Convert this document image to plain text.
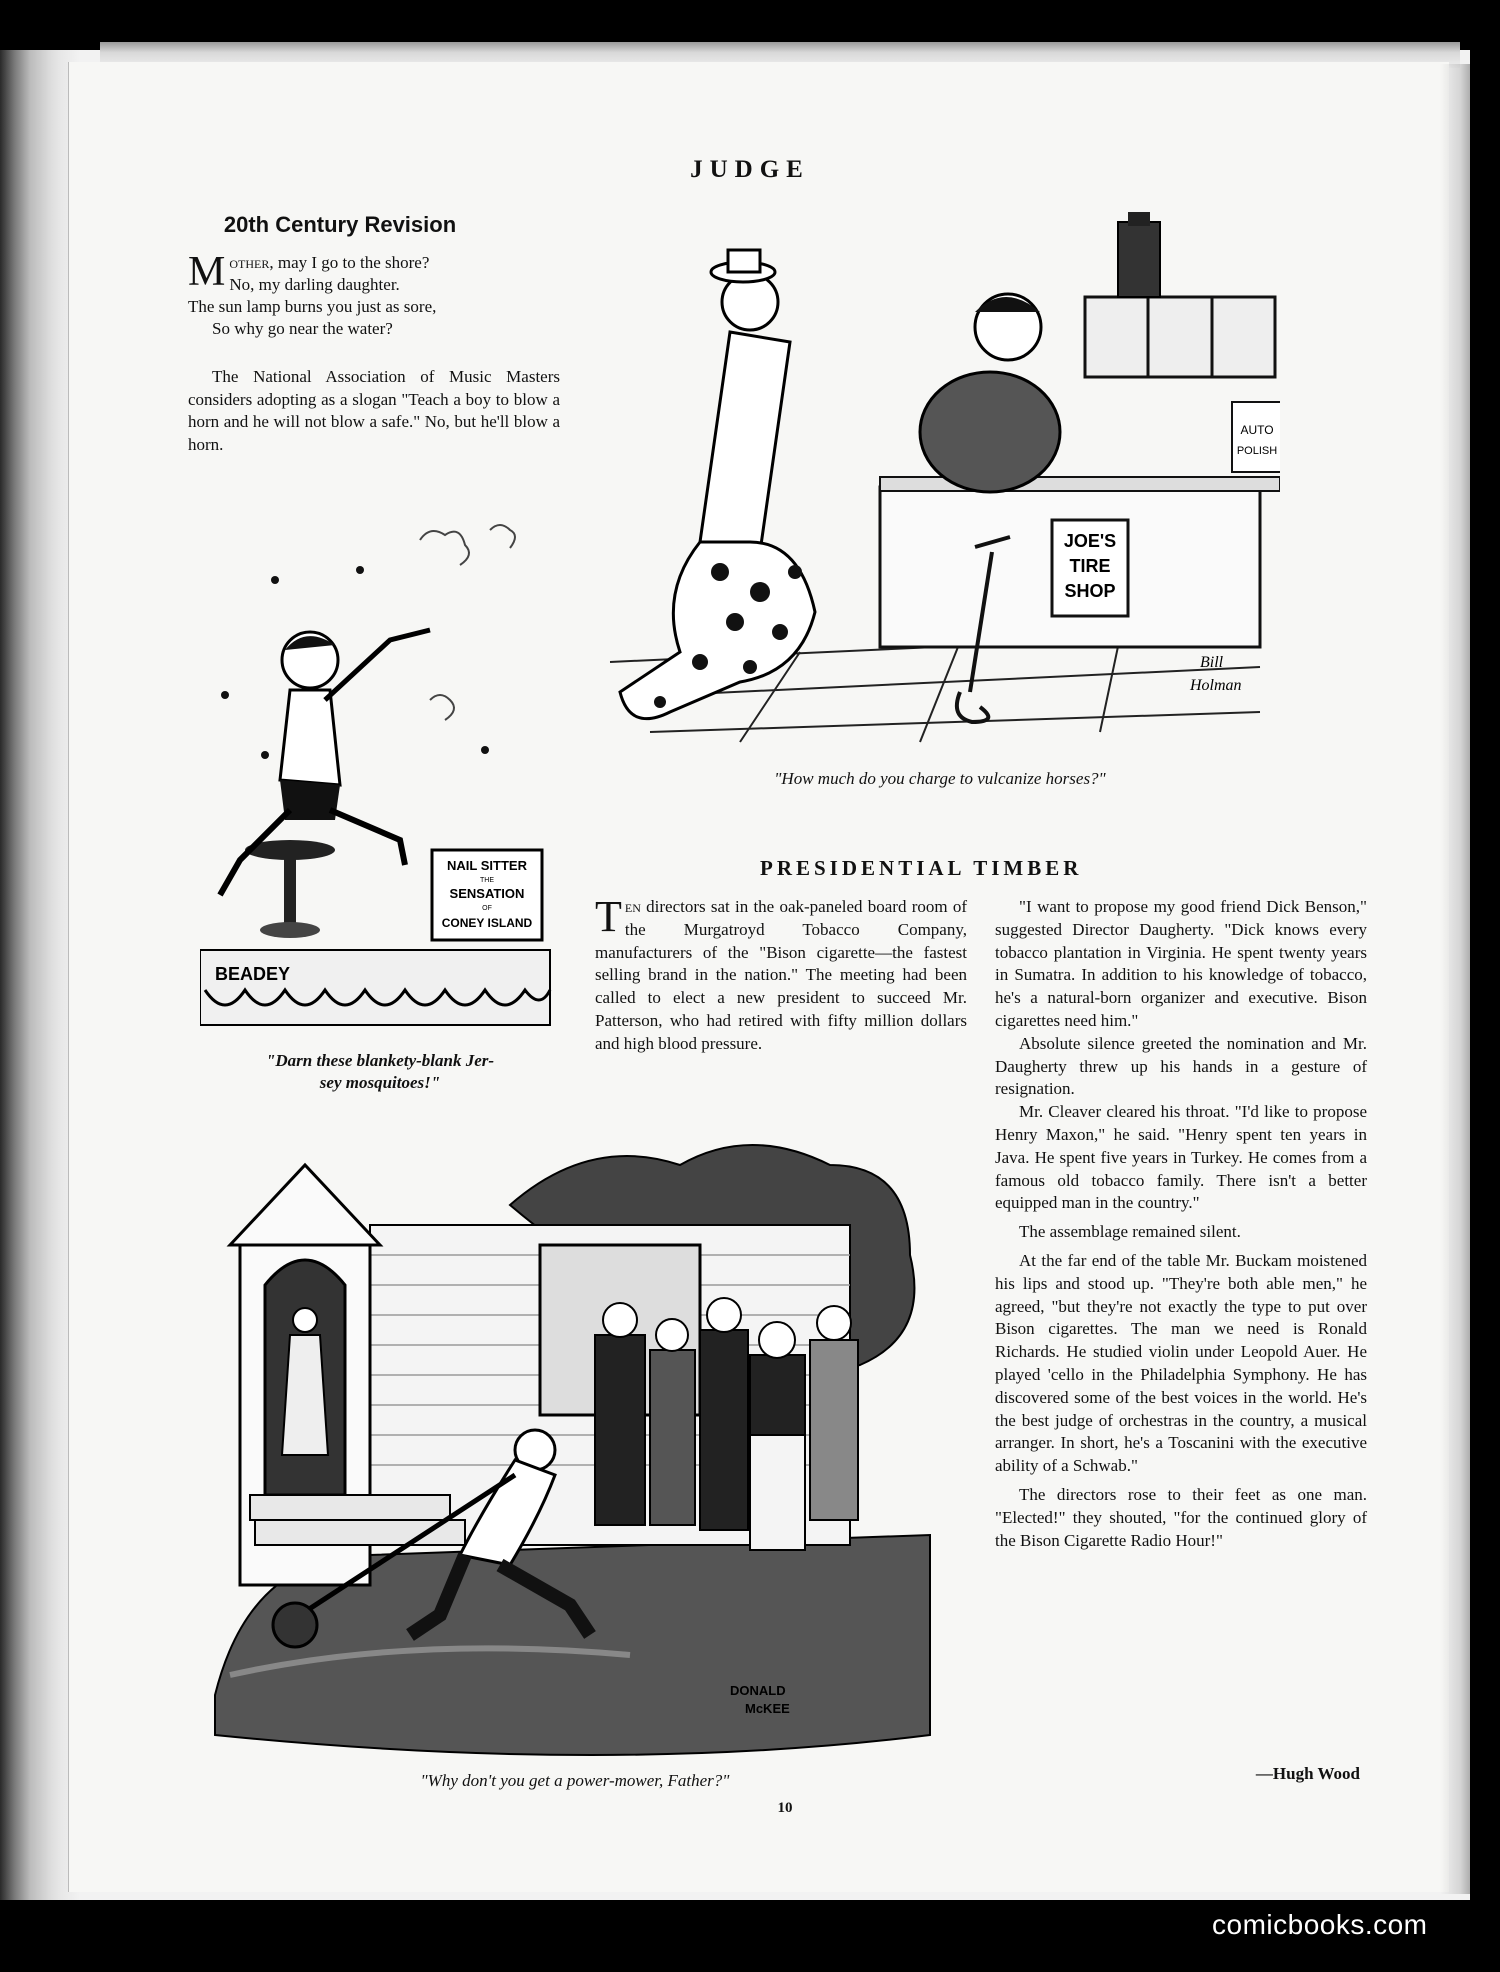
JUDGE
20th Century Revision
M other, may I go to the shore?
No, my darling daughter.
The sun lamp burns you just as sore,
So why go near the water?
The National Association of Music Masters considers adopting as a slogan "Teach a boy to blow a horn and he will not blow a safe." No, but he'll blow a horn.
JOE'S
TIRE
SHOP
AUTO
POLISH
Bill
Holman
"How much do you charge to vulcanize horses?"
NAIL SITTER
THE
SENSATION
OF
CONEY ISLAND
BEADEY
"Darn these blankety-blank Jer-
sey mosquitoes!"
PRESIDENTIAL TIMBER

Ten directors sat in the oak-paneled board room of the Murgatroyd Tobacco Company, manufacturers of the "Bison cigarette—the fastest selling brand in the nation." The meeting had been called to elect a new president to succeed Mr. Patterson, who had retired with fifty million dollars and high blood pressure.

"I want to propose my good friend Dick Benson," suggested Director Daugherty. "Dick knows every tobacco plantation in Virginia. He spent twenty years in Sumatra. In addition to his knowledge of tobacco, he's a natural-born organizer and executive. Bison cigarettes need him."

Absolute silence greeted the nomination and Mr. Daugherty threw up his hands in a gesture of resignation.

Mr. Cleaver cleared his throat. "I'd like to propose Henry Maxon," he said. "Henry spent ten years in Java. He spent five years in Turkey. He comes from a famous old tobacco family. There isn't a better equipped man in the country."

The assemblage remained silent.

At the far end of the table Mr. Buckam moistened his lips and stood up. "They're both able men," he agreed, "but they're not exactly the type to put over Bison cigarettes. The man we need is Ronald Richards. He studied violin under Leopold Auer. He played 'cello in the Philadelphia Symphony. He has discovered some of the best voices in the world. He's the best judge of orchestras in the country, a musical arranger. In short, he's a Toscanini with the executive ability of a Schwab."

The directors rose to their feet as one man. "Elected!" they shouted, "for the continued glory of the Bison Cigarette Radio Hour!"

—Hugh Wood
DONALD
McKEE
"Why don't you get a power-mower, Father?"
10
comicbooks.com
